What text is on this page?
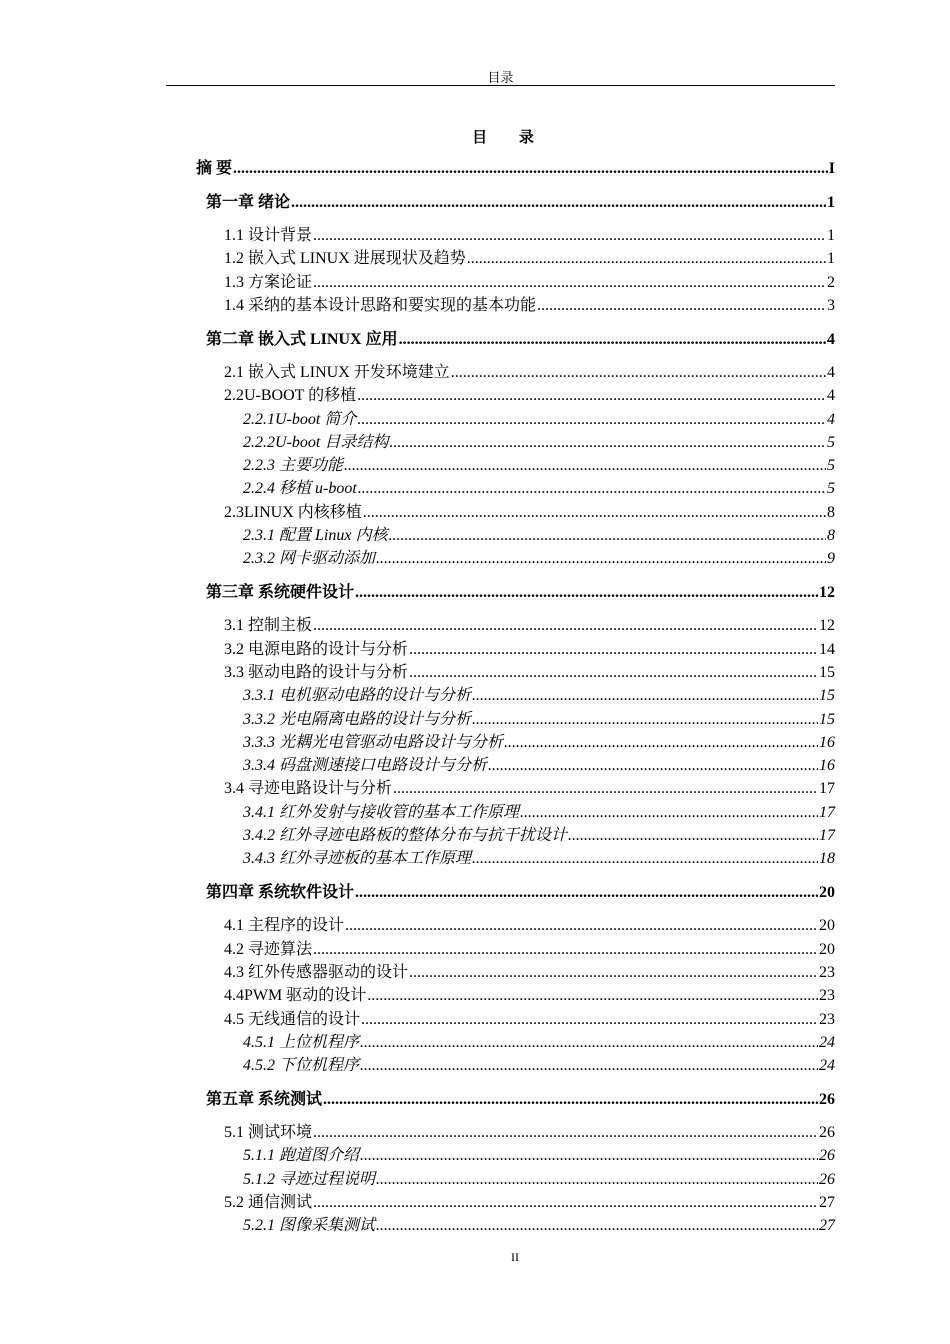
目录
目 录
摘 要 .....	I
第一章 绪论 .....	1
1.1 设计背景 .....	1
1.2 嵌入式 LINUX 进展现状及趋势 .....	1
1.3 方案论证 .....	2
1.4 采纳的基本设计思路和要实现的基本功能 .....	3
第二章 嵌入式 LINUX 应用 .....	4
2.1 嵌入式 LINUX 开发环境建立 .....	4
2.2U-BOOT 的移植 .....	4
2.2.1U-boot 简介 .....	4
2.2.2U-boot 目录结构 .....	5
2.2.3 主要功能 .....	5
2.2.4 移植 u-boot .....	5
2.3LINUX 内核移植 .....	8
2.3.1 配置 Linux 内核 .....	8
2.3.2 网卡驱动添加 .....	9
第三章 系统硬件设计 .....	12
3.1 控制主板 .....	12
3.2 电源电路的设计与分析 .....	14
3.3 驱动电路的设计与分析 .....	15
3.3.1 电机驱动电路的设计与分析 .....	15
3.3.2 光电隔离电路的设计与分析 .....	15
3.3.3 光耦光电管驱动电路设计与分析 .....	16
3.3.4 码盘测速接口电路设计与分析 .....	16
3.4 寻迹电路设计与分析 .....	17
3.4.1 红外发射与接收管的基本工作原理 .....	17
3.4.2 红外寻迹电路板的整体分布与抗干扰设计 .....	17
3.4.3 红外寻迹板的基本工作原理 .....	18
第四章 系统软件设计 .....	20
4.1 主程序的设计 .....	20
4.2 寻迹算法 .....	20
4.3 红外传感器驱动的设计 .....	23
4.4PWM 驱动的设计 .....	23
4.5 无线通信的设计 .....	23
4.5.1 上位机程序 .....	24
4.5.2 下位机程序 .....	24
第五章 系统测试 .....	26
5.1 测试环境 .....	26
5.1.1 跑道图介绍 .....	26
5.1.2 寻迹过程说明 .....	26
5.2 通信测试 .....	27
5.2.1 图像采集测试 .....	27
II
